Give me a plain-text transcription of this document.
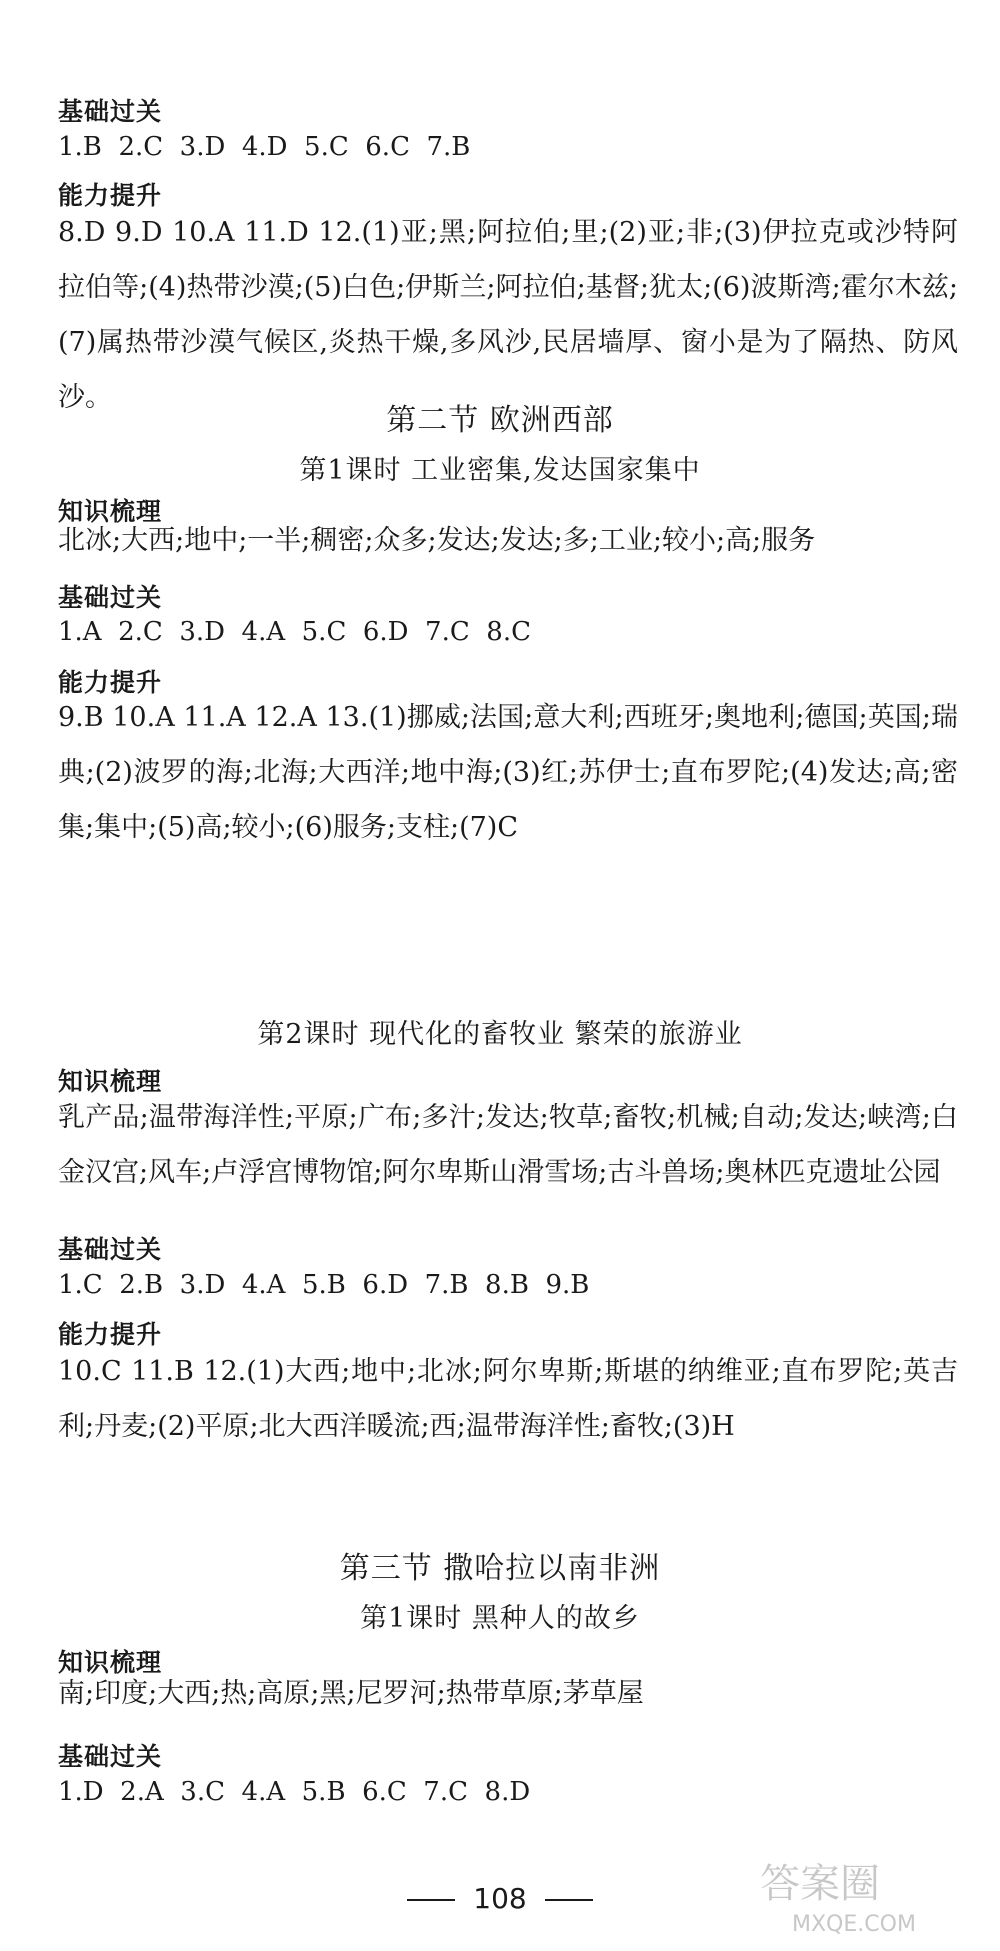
基础过关
1.B  2.C  3.D  4.D  5.C  6.C  7.B
能力提升
8.D 9.D 10.A 11.D 12.(1)亚;黑;阿拉伯;里;(2)亚;非;(3)伊拉克或沙特阿拉伯等;(4)热带沙漠;(5)白色;伊斯兰;阿拉伯;基督;犹太;(6)波斯湾;霍尔木兹;(7)属热带沙漠气候区,炎热干燥,多风沙,民居墙厚、窗小是为了隔热、防风沙。
第二节 欧洲西部
第1课时 工业密集,发达国家集中
知识梳理
北冰;大西;地中;一半;稠密;众多;发达;发达;多;工业;较小;高;服务
基础过关
1.A  2.C  3.D  4.A  5.C  6.D  7.C  8.C
能力提升
9.B 10.A 11.A 12.A 13.(1)挪威;法国;意大利;西班牙;奥地利;德国;英国;瑞典;(2)波罗的海;北海;大西洋;地中海;(3)红;苏伊士;直布罗陀;(4)发达;高;密集;集中;(5)高;较小;(6)服务;支柱;(7)C
第2课时 现代化的畜牧业 繁荣的旅游业
知识梳理
乳产品;温带海洋性;平原;广布;多汁;发达;牧草;畜牧;机械;自动;发达;峡湾;白金汉宫;风车;卢浮宫博物馆;阿尔卑斯山滑雪场;古斗兽场;奥林匹克遗址公园
基础过关
1.C  2.B  3.D  4.A  5.B  6.D  7.B  8.B  9.B
能力提升
10.C 11.B 12.(1)大西;地中;北冰;阿尔卑斯;斯堪的纳维亚;直布罗陀;英吉利;丹麦;(2)平原;北大西洋暖流;西;温带海洋性;畜牧;(3)H
第三节 撒哈拉以南非洲
第1课时 黑种人的故乡
知识梳理
南;印度;大西;热;高原;黑;尼罗河;热带草原;茅草屋
基础过关
1.D  2.A  3.C  4.A  5.B  6.C  7.C  8.D
108	答案圈
MXQE.COM
